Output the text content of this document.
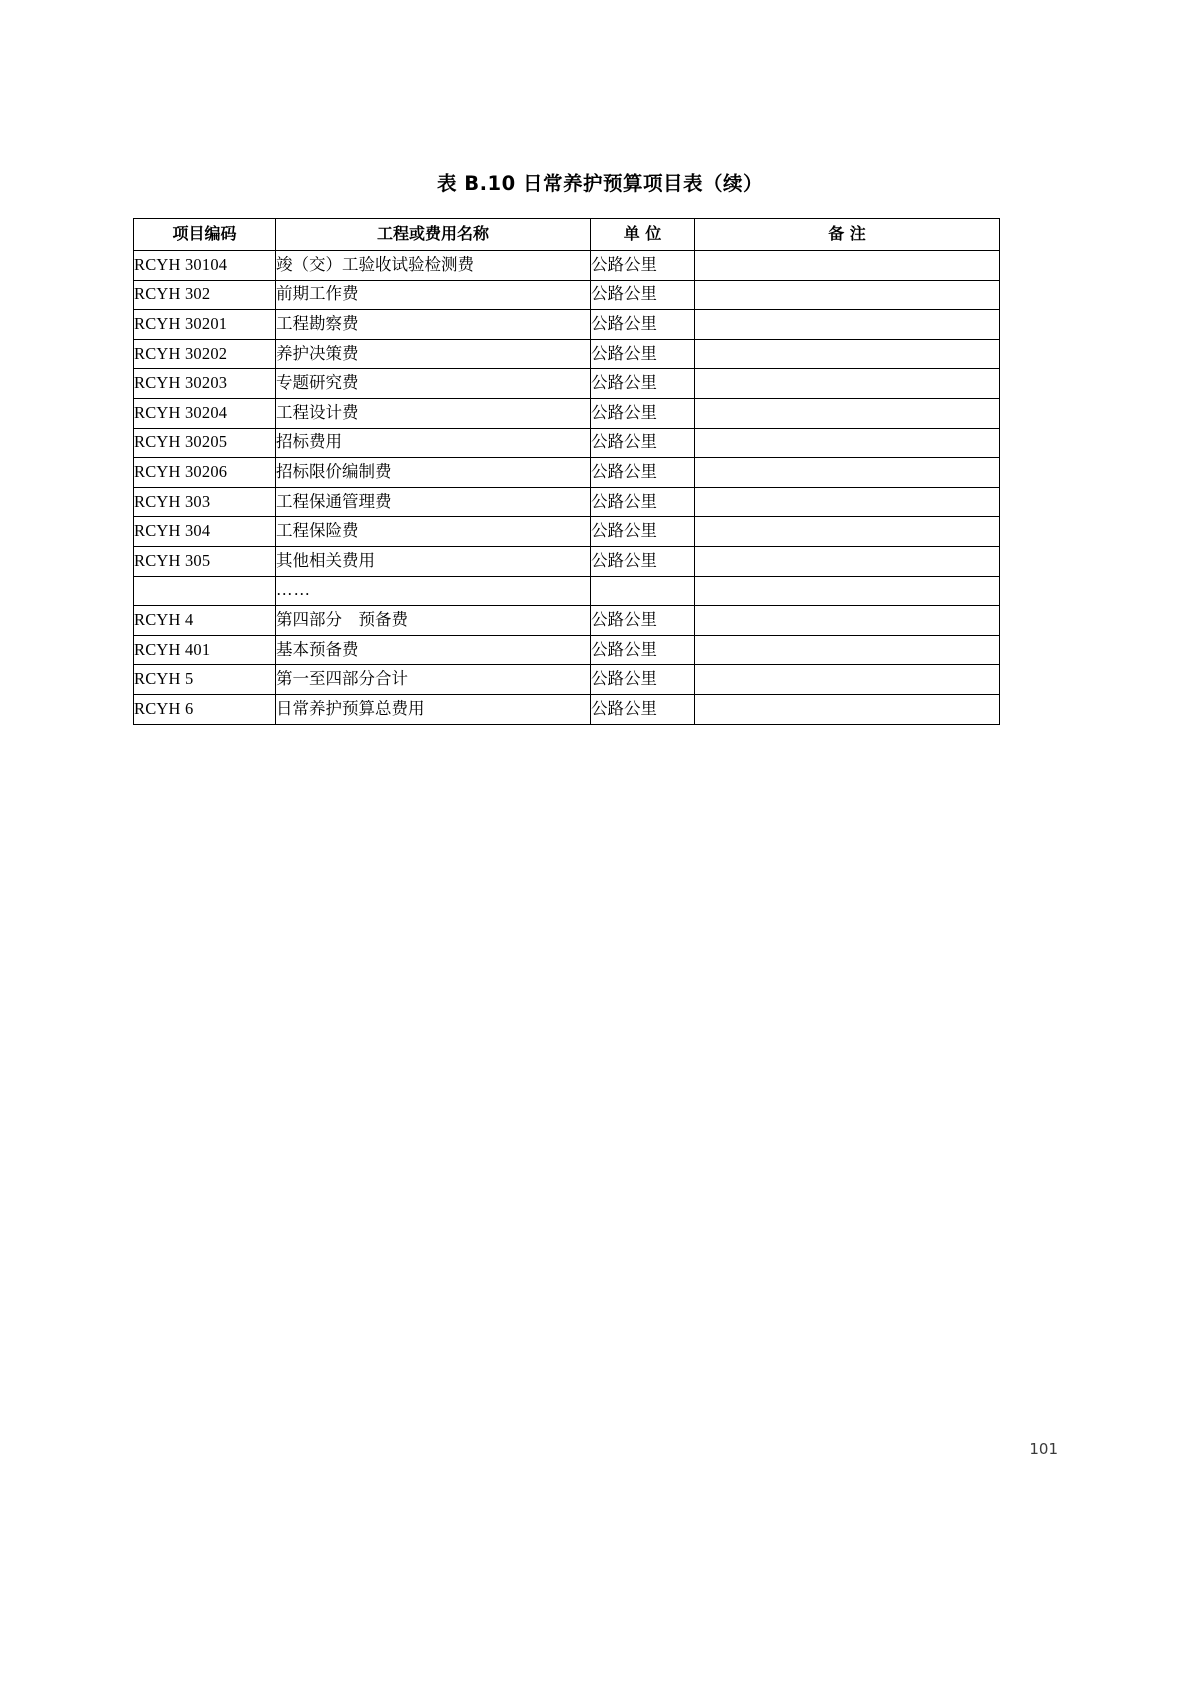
表 B.10 日常养护预算项目表（续）
项目编码	工程或费用名称	单 位	备 注
RCYH 30104	竣（交）工验收试验检测费	公路公里	
RCYH 302	前期工作费	公路公里	
RCYH 30201	工程勘察费	公路公里	
RCYH 30202	养护决策费	公路公里	
RCYH 30203	专题研究费	公路公里	
RCYH 30204	工程设计费	公路公里	
RCYH 30205	招标费用	公路公里	
RCYH 30206	招标限价编制费	公路公里	
RCYH 303	工程保通管理费	公路公里	
RCYH 304	工程保险费	公路公里	
RCYH 305	其他相关费用	公路公里	
	……		
RCYH 4	第四部分　预备费	公路公里	
RCYH 401	基本预备费	公路公里	
RCYH 5	第一至四部分合计	公路公里	
RCYH 6	日常养护预算总费用	公路公里	
101
